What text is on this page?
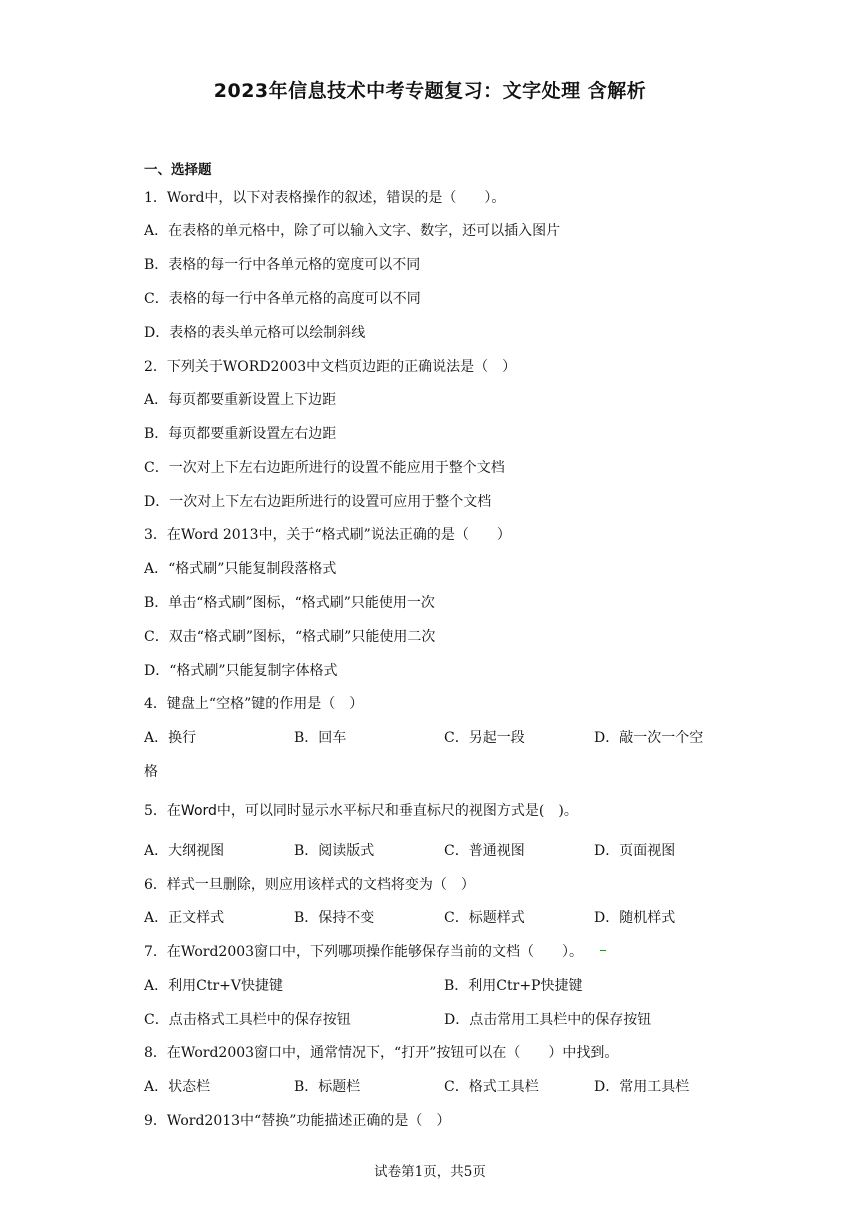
2023年信息技术中考专题复习：文字处理 含解析
一、选择题
1．Word中，以下对表格操作的叙述，错误的是（　　）。
A．在表格的单元格中，除了可以输入文字、数字，还可以插入图片
B．表格的每一行中各单元格的宽度可以不同
C．表格的每一行中各单元格的高度可以不同
D．表格的表头单元格可以绘制斜线
2．下列关于WORD2003中文档页边距的正确说法是（　）
A．每页都要重新设置上下边距
B．每页都要重新设置左右边距
C．一次对上下左右边距所进行的设置不能应用于整个文档
D．一次对上下左右边距所进行的设置可应用于整个文档
3．在Word 2013中，关于“格式刷”说法正确的是（　　）
A．“格式刷”只能复制段落格式
B．单击“格式刷”图标，“格式刷”只能使用一次
C．双击“格式刷”图标，“格式刷”只能使用二次
D．“格式刷”只能复制字体格式
4．键盘上“空格”键的作用是（　）
A．换行	B．回车	C．另起一段	D．敲一次一个空
格
5．在Word中，可以同时显示水平标尺和垂直标尺的视图方式是(　)。
A．大纲视图	B．阅读版式	C．普通视图	D．页面视图
6．样式一旦删除，则应用该样式的文档将变为（　）
A．正文样式	B．保持不变	C．标题样式	D．随机样式
7．在Word2003窗口中，下列哪项操作能够保存当前的文档（　　）。
A．利用Ctr+V快捷键	B．利用Ctr+P快捷键
C．点击格式工具栏中的保存按钮	D．点击常用工具栏中的保存按钮
8．在Word2003窗口中，通常情况下，“打开”按钮可以在（　　）中找到。
A．状态栏	B．标题栏	C．格式工具栏	D．常用工具栏
9．Word2013中“替换”功能描述正确的是（　）
试卷第1页，共5页
